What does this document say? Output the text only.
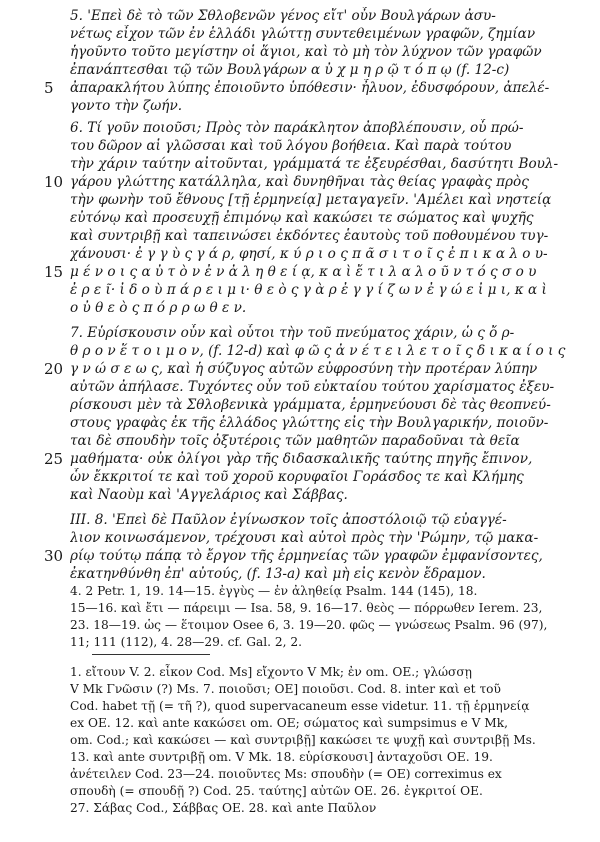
5. 'Επεὶ δὲ τὸ τῶν Σθλοβενῶν γένος εἴτ' οὖν Βουλγάρων ἀσυ-
νέτως εἶχον τῶν ἐν ἑλλάδι γλώττῃ συντεθειμένων γραφῶν, ζημίαν
ἡγοῦντο τοῦτο μεγίστην οἱ ἅγιοι, καὶ τὸ μὴ τὸν λύχνον τῶν γραφῶν
ἐπανάπτεσθαι τῷ τῶν Βουλγάρων α ὐ χ μ η ρ ῷ τ ό π ῳ (f. 12-c)
ἀπαρακλήτου λύπης ἐποιοῦντο ὑπόθεσιν· ἦλυον, ἐδυσφόρουν, ἀπελέ-
γοντο τὴν ζωήν.
6. Τί γοῦν ποιοῦσι; Πρὸς τὸν παράκλητον ἀποβλέπουσιν, οὗ πρώ-
του δῶρον αἱ γλῶσσαι καὶ τοῦ λόγου βοήθεια. Καὶ παρὰ τούτου
τὴν χάριν ταύτην αἰτοῦνται, γράμματά τε ἐξευρέσθαι, δασύτητι Βουλ-
γάρου γλώττης κατάλληλα, καὶ δυνηθῆναι τὰς θείας γραφὰς πρὸς
τὴν φωνὴν τοῦ ἔθνους [τῇ ἑρμηνείᾳ] μεταγαγεῖν. 'Αμέλει καὶ νηστείᾳ
εὐτόνῳ καὶ προσευχῇ ἐπιμόνῳ καὶ κακώσει τε σώματος καὶ ψυχῆς
καὶ συντριβῇ καὶ ταπεινώσει ἐκδόντες ἑαυτοὺς τοῦ ποθουμένου τυγ-
χάνουσι· ἐ γ γ ὺ ς γ ά ρ, φησί, κ ύ ρ ι ο ς π ᾶ σ ι τ ο ῖ ς ἐ π ι κ α λ ο υ-
μ έ ν ο ι ς α ὐ τ ὸ ν ἐ ν ἀ λ η θ ε ί ᾳ, κ α ὶ ἔ τ ι λ α λ ο ῦ ν τ ό ς σ ο υ
ἐ ρ ε ῖ· ἰ δ ο ὺ π ά ρ ε ι μ ι· θ ε ὸ ς γ ὰ ρ ἐ γ γ ί ζ ω ν ἐ γ ώ ε ἰ μ ι, κ α ὶ
ο ὐ θ ε ὸ ς π ό ρ ρ ω θ ε ν.
7. Εὑρίσκουσιν οὖν καὶ οὗτοι τὴν τοῦ πνεύματος χάριν, ὡ ς ὄ ρ-
θ ρ ο ν ἕ τ ο ι μ ο ν, (f. 12-d) καὶ φ ῶ ς ἀ ν έ τ ε ι λ ε τ ο ῖ ς δ ι κ α ί ο ι ς
γ ν ώ σ ε ω ς, καὶ ἡ σύζυγος αὐτῶν εὐφροσύνη τὴν προτέραν λύπην
αὐτῶν ἀπήλασε. Τυχόντες οὖν τοῦ εὐκταίου τούτου χαρίσματος ἐξευ-
ρίσκουσι μὲν τὰ Σθλοβενικὰ γράμματα, ἑρμηνεύουσι δὲ τὰς θεοπνεύ-
στους γραφὰς ἐκ τῆς ἑλλάδος γλώττης εἰς τὴν Βουλγαρικήν, ποιοῦν-
ται δὲ σπουδὴν τοῖς ὀξυτέροις τῶν μαθητῶν παραδοῦναι τὰ θεῖα
μαθήματα· οὐκ ὀλίγοι γὰρ τῆς διδασκαλικῆς ταύτης πηγῆς ἔπινον,
ὧν ἔκκριτοί τε καὶ τοῦ χοροῦ κορυφαῖοι Γοράσδος τε καὶ Κλήμης
καὶ Ναοὺμ καὶ 'Αγγελάριος καὶ Σάββας.
III. 8. 'Επεὶ δὲ Παῦλον ἐγίνωσκον τοῖς ἀποστόλοιῷ τῷ εὐαγγέ-
λιον κοινωσάμενον, τρέχουσι καὶ αὐτοὶ πρὸς τὴν 'Ρώμην, τῷ μακα-
ρίῳ τούτῳ πάπᾳ τὸ ἔργον τῆς ἑρμηνείας τῶν γραφῶν ἐμφανίσοντες,
ἐκατηνθύνθη ἐπ' αὐτούς, (f. 13-a) καὶ μὴ εἰς κενὸν ἔδραμον.
5
10
15
20
25
30
4. 2 Petr. 1, 19. 14—15. ἐγγὺς — ἐν ἀληθείᾳ Psalm. 144 (145), 18.
15—16. καὶ ἔτι — πάρειμι — Isa. 58, 9. 16—17. θεὸς — πόρρωθεν Ierem. 23,
23. 18—19. ὡς — ἕτοιμον Osee 6, 3. 19—20. φῶς — γνώσεως Psalm. 96 (97),
11; 111 (112), 4. 28—29. cf. Gal. 2, 2.
1. εἴτουν V. 2. εἶκον Cod. Ms] εἴχοντο V Mk; ἐν om. OE.; γλώσσῃ
V Mk Γνῶσιν (?) Ms. 7. ποιοῦσι; OE] ποιοῦσι. Cod. 8. inter καὶ et τοῦ
Cod. habet τῇ (= τῆ ?), quod supervacaneum esse videtur. 11. τῇ ἑρμηνείᾳ
ex OE. 12. καὶ ante κακώσει om. OE; σώματος καὶ sumpsimus e V Mk,
om. Cod.; καὶ κακώσει — καὶ συντριβῇ] κακώσει τε ψυχῇ καὶ συντριβῇ Ms.
13. καὶ ante συντριβῇ om. V Mk. 18. εὑρίσκουσι] ἀνταχοῦσι OE. 19.
ἀνέτειλεν Cod. 23—24. ποιοῦντες Ms: σπουδὴν (= OE) correximus ex
σπουδὴ (= σπουδῇ ?) Cod. 25. ταύτης] αὐτῶν OE. 26. ἐγκριτοί OE.
27. Σάβας Cod., Σάββας OE. 28. καὶ ante Παῦλον
